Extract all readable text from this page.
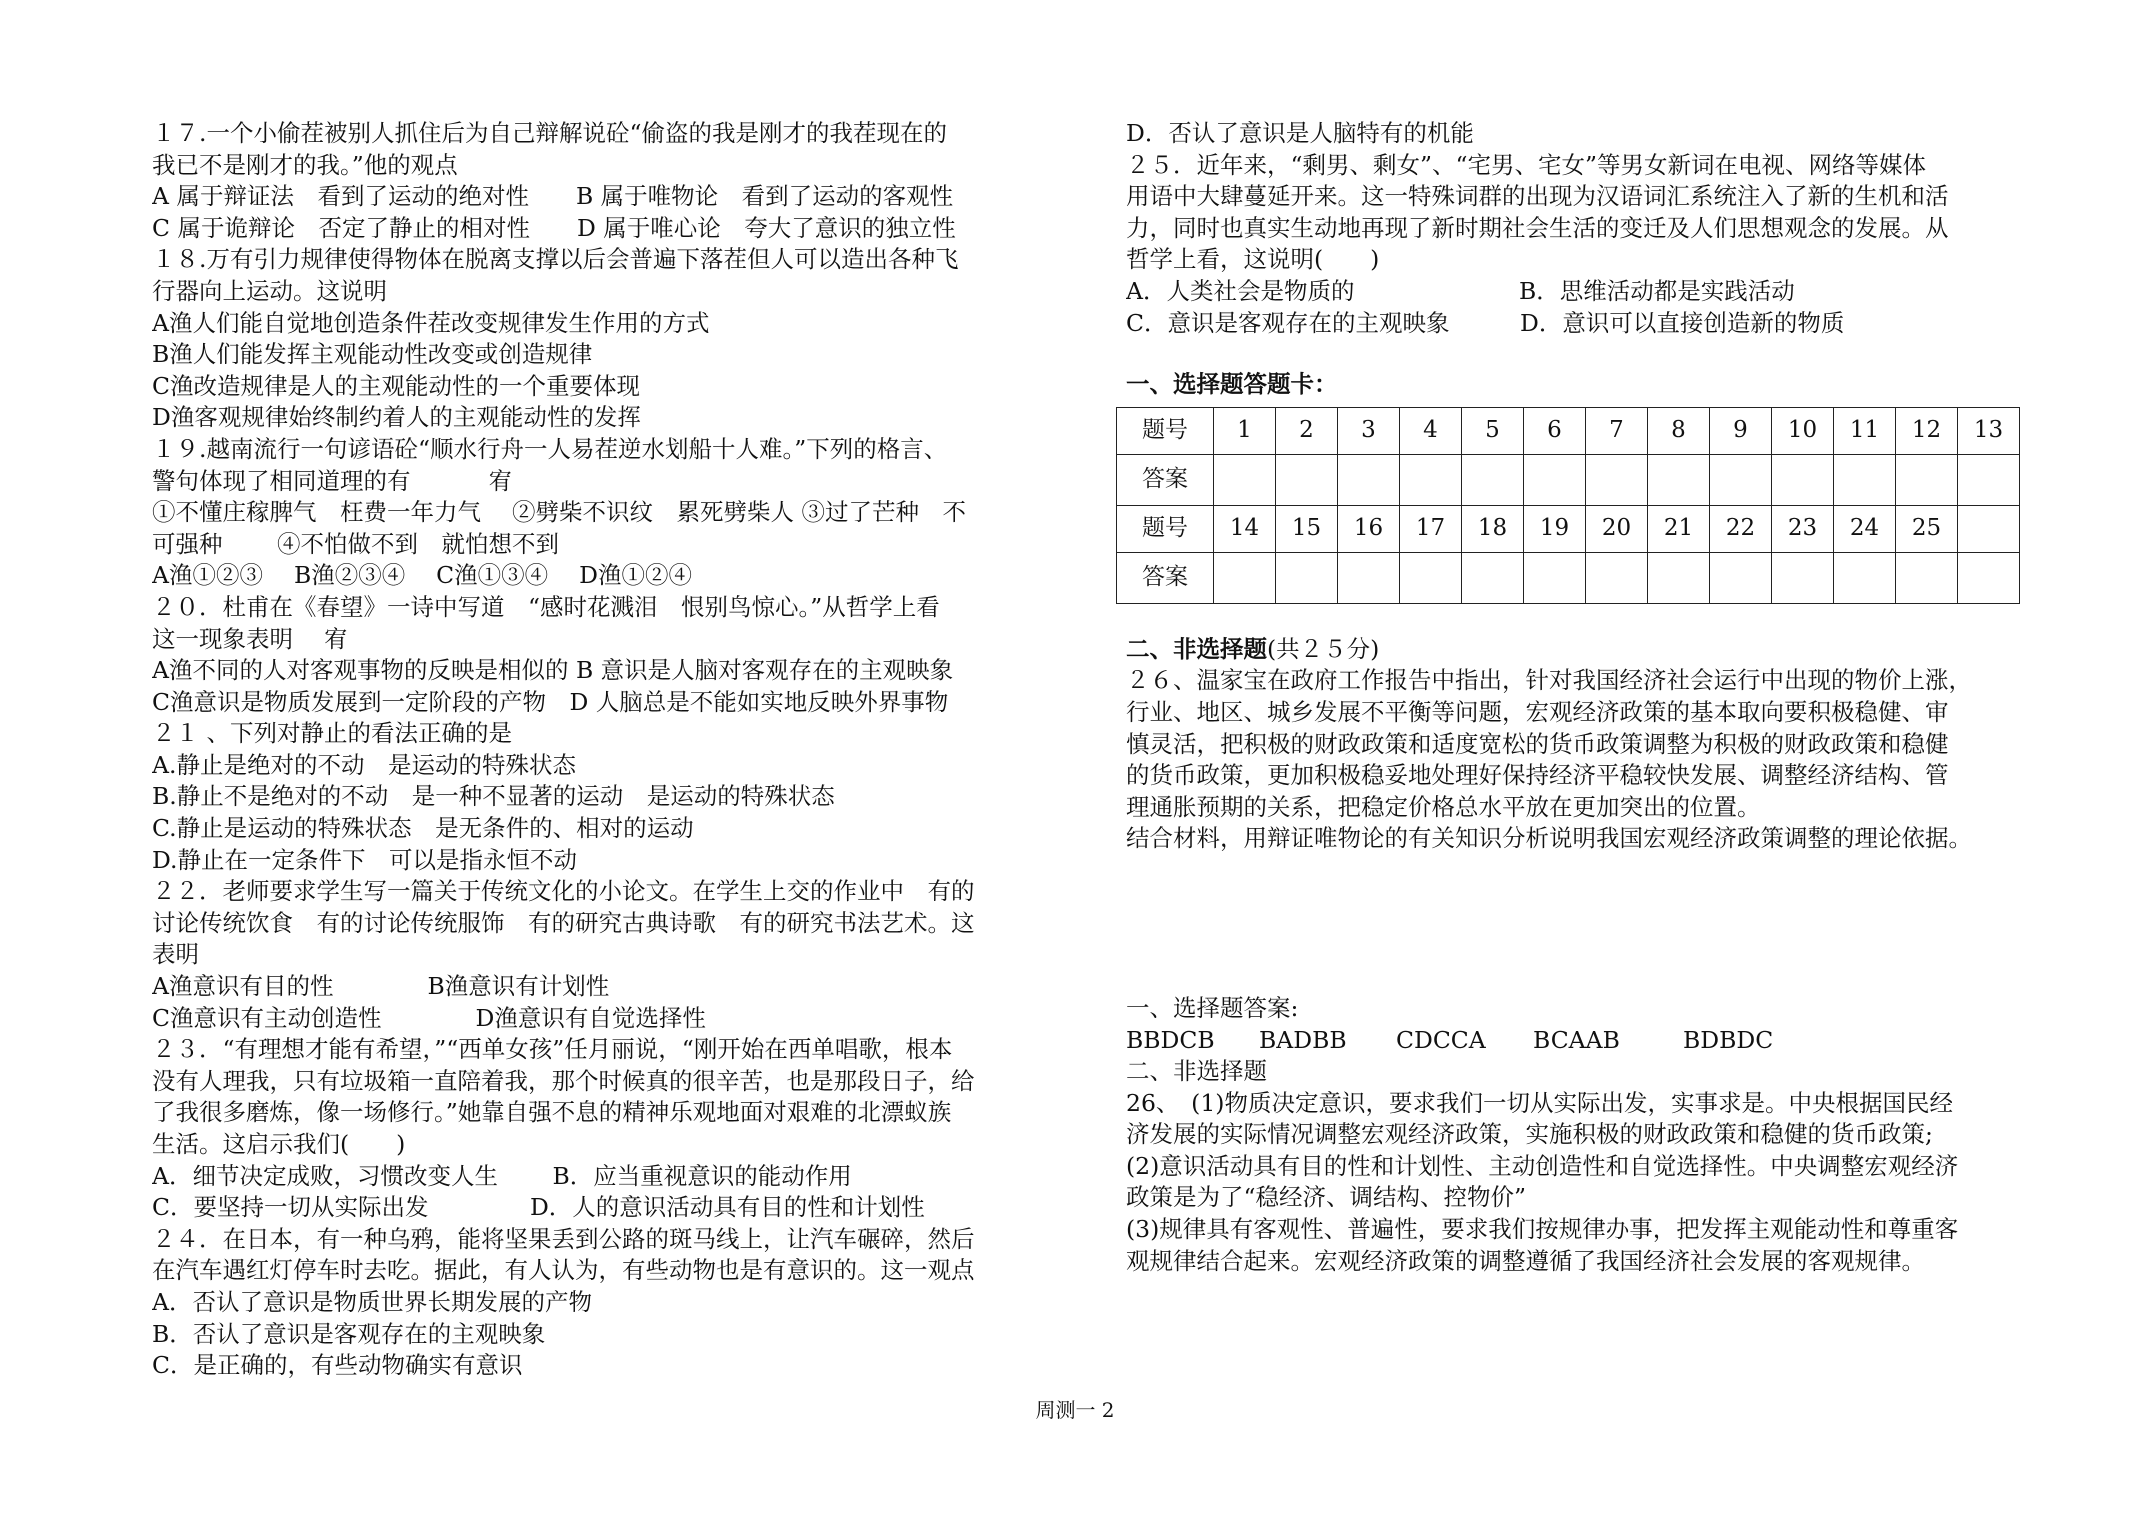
１７.一个小偷茬被别人抓住后为自己辩解说砼“偷盗的我是刚才的我茬现在的
我已不是刚才的我。”他的观点
A 属于辩证法　看到了运动的绝对性　　B 属于唯物论　看到了运动的客观性
C 属于诡辩论　否定了静止的相对性　　D 属于唯心论　夸大了意识的独立性
１８.万有引力规律使得物体在脱离支撑以后会普遍下落茬但人可以造出各种飞
行器向上运动。这说明
A渔人们能自觉地创造条件茬改变规律发生作用的方式
B渔人们能发挥主观能动性改变或创造规律
C渔改造规律是人的主观能动性的一个重要体现
D渔客观规律始终制约着人的主观能动性的发挥
１９.越南流行一句谚语砼“顺水行舟一人易茬逆水划船十人难。”下列的格言、
警句体现了相同道理的有　　 　宥
①不懂庄稼脾气　枉费一年力气　 ②劈柴不识纹　累死劈柴人 ③过了芒种　不
可强种　　 ④不怕做不到　就怕想不到
A渔①②③　 B渔②③④　 C渔①③④　 D渔①②④
２０．杜甫在《春望》一诗中写道　“感时花溅泪　恨别鸟惊心。”从哲学上看
这一现象表明　 宥
A渔不同的人对客观事物的反映是相似的 B 意识是人脑对客观存在的主观映象
C渔意识是物质发展到一定阶段的产物　D 人脑总是不能如实地反映外界事物
２１ 、下列对静止的看法正确的是
A.静止是绝对的不动　是运动的特殊状态
B.静止不是绝对的不动　是一种不显著的运动　是运动的特殊状态
C.静止是运动的特殊状态　是无条件的、相对的运动
D.静止在一定条件下　可以是指永恒不动
２２．老师要求学生写一篇关于传统文化的小论文。在学生上交的作业中　有的
讨论传统饮食　有的讨论传统服饰　有的研究古典诗歌　有的研究书法艺术。这
表明
A渔意识有目的性　　　　B渔意识有计划性
C渔意识有主动创造性　　　　D渔意识有自觉选择性
２３．“有理想才能有希望，”“西单女孩”任月丽说，“刚开始在西单唱歌，根本
没有人理我，只有垃圾箱一直陪着我，那个时候真的很辛苦，也是那段日子，给
了我很多磨炼，像一场修行。”她靠自强不息的精神乐观地面对艰难的北漂蚁族
生活。这启示我们(　　)
A．细节决定成败，习惯改变人生　　 B．应当重视意识的能动作用
C．要坚持一切从实际出发　　　　 D．人的意识活动具有目的性和计划性
２４．在日本，有一种乌鸦，能将坚果丢到公路的斑马线上，让汽车碾碎，然后
在汽车遇红灯停车时去吃。据此，有人认为，有些动物也是有意识的。这一观点
A．否认了意识是物质世界长期发展的产物
B．否认了意识是客观存在的主观映象
C．是正确的，有些动物确实有意识
D．否认了意识是人脑特有的机能
２５．近年来，“剩男、剩女”、“宅男、宅女”等男女新词在电视、网络等媒体
用语中大肆蔓延开来。这一特殊词群的出现为汉语词汇系统注入了新的生机和活
力，同时也真实生动地再现了新时期社会生活的变迁及人们思想观念的发展。从
哲学上看，这说明(　　)
A．人类社会是物质的　　　　　　　B．思维活动都是实践活动
C．意识是客观存在的主观映象　　　D．意识可以直接创造新的物质
一、选择题答题卡：
题号	1	2	3	4	5	6	7	8	9	10	11	12	13
答案													
题号	14	15	16	17	18	19	20	21	22	23	24	25	
答案													
二、非选择题(共２５分)
２６、温家宝在政府工作报告中指出，针对我国经济社会运行中出现的物价上涨，
行业、地区、城乡发展不平衡等问题，宏观经济政策的基本取向要积极稳健、审
慎灵活，把积极的财政政策和适度宽松的货币政策调整为积极的财政政策和稳健
的货币政策，更加积极稳妥地处理好保持经济平稳较快发展、调整经济结构、管
理通胀预期的关系，把稳定价格总水平放在更加突出的位置。
结合材料，用辩证唯物论的有关知识分析说明我国宏观经济政策调整的理论依据。
一、选择题答案:
BBDCB BADBB CDCCA BCAAB	BDBDC
二、非选择题
26、　(1)物质决定意识，要求我们一切从实际出发，实事求是。中央根据国民经
济发展的实际情况调整宏观经济政策，实施积极的财政政策和稳健的货币政策;
(2)意识活动具有目的性和计划性、主动创造性和自觉选择性。中央调整宏观经济
政策是为了“稳经济、调结构、控物价”
(3)规律具有客观性、普遍性，要求我们按规律办事，把发挥主观能动性和尊重客
观规律结合起来。宏观经济政策的调整遵循了我国经济社会发展的客观规律。
周测一 2
